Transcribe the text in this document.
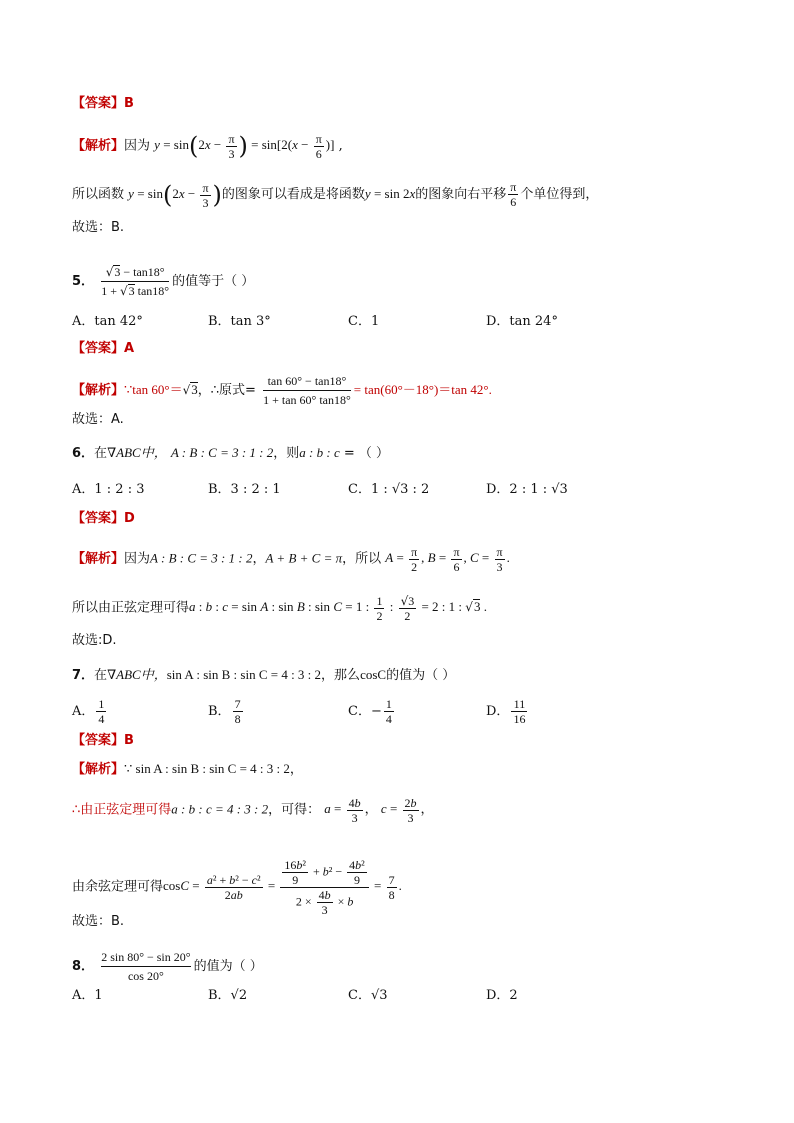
【答案】B
【解析】因为 $y = \sin(2x - \frac{\pi}{3}$ ) = $\sin[2(x - \frac{\pi}{6}$ )] ,
所以函数 $y = \sin(2x - \frac{\pi}{3}$ )的图象可以看成是将函数y = sin 2x的图象向右平移 $\frac{\pi}{6}$ 个单位得到，
故选：B.
5． $\frac{√3 - \tan 18^\circ}{1 + √3 \tan 18^\circ}$ 的值等于（ ）
A．tan 42°	B．tan 3°	C．1	D．tan 24°
【答案】A
【解析】∵tan 60°＝√3，∴原式= $\frac{\tan 60^\circ - \tan 18^\circ}{1 + \tan 60^\circ \tan 18^\circ} = \tan(60^\circ-18^\circ)=\tan$ 42°.
故选：A.
6．在∇ABC中， A : B : C = 3 : 1 : 2，则a : b : c = （ ）
A．1 : 2 : 3	B．3 : 2 : 1	C．1 : √3 : 2	D．2 : 1 : √3
【答案】D
【解析】因为A : B : C = 3 : 1 : 2，A + B + C = π，所以 $A = \frac{\pi}{2}$ , $B = \frac{\pi}{6}$ , $C = \frac{\pi}{3}$ .
所以由正弦定理可得a : b : c = sin A : sin B : sin C = 1 : $\frac{1}{2}$ : $\frac{√3}{2} = 2$ : 1 : √3 .
故选:D.
7．在∇ABC中，sin A : sin B : sin C = 4 : 3 : 2，那么cosC的值为（ ）
A． $\frac{1}{4}$	B． $\frac{7}{8}$	C．− $\frac{1}{4}$	D． $\frac{11}{16}$
【答案】B
【解析】∵ sin A : sin B : sin C = 4 : 3 : 2，
∴由正弦定理可得a : b : c = 4 : 3 : 2，可得： $a = \frac{4b}{3}$ ， $c = \frac{2b}{3}$ ，
由余弦定理可得$\cos C = \frac{\text{a² + b² − c²}}{2ab} = \frac{\frac{\text{16b²}}{9} + b^2 - \frac{\text{4b²}}{9}}{2 \times \frac{4b}{3} \times b} = \frac{7}{8}$ .
故选：B.
8． $\frac{2 \sin 80^\circ - \sin 20^\circ}{\cos 20^\circ}$ 的值为（ ）
A．1	B．√2	C．√3	D．2
